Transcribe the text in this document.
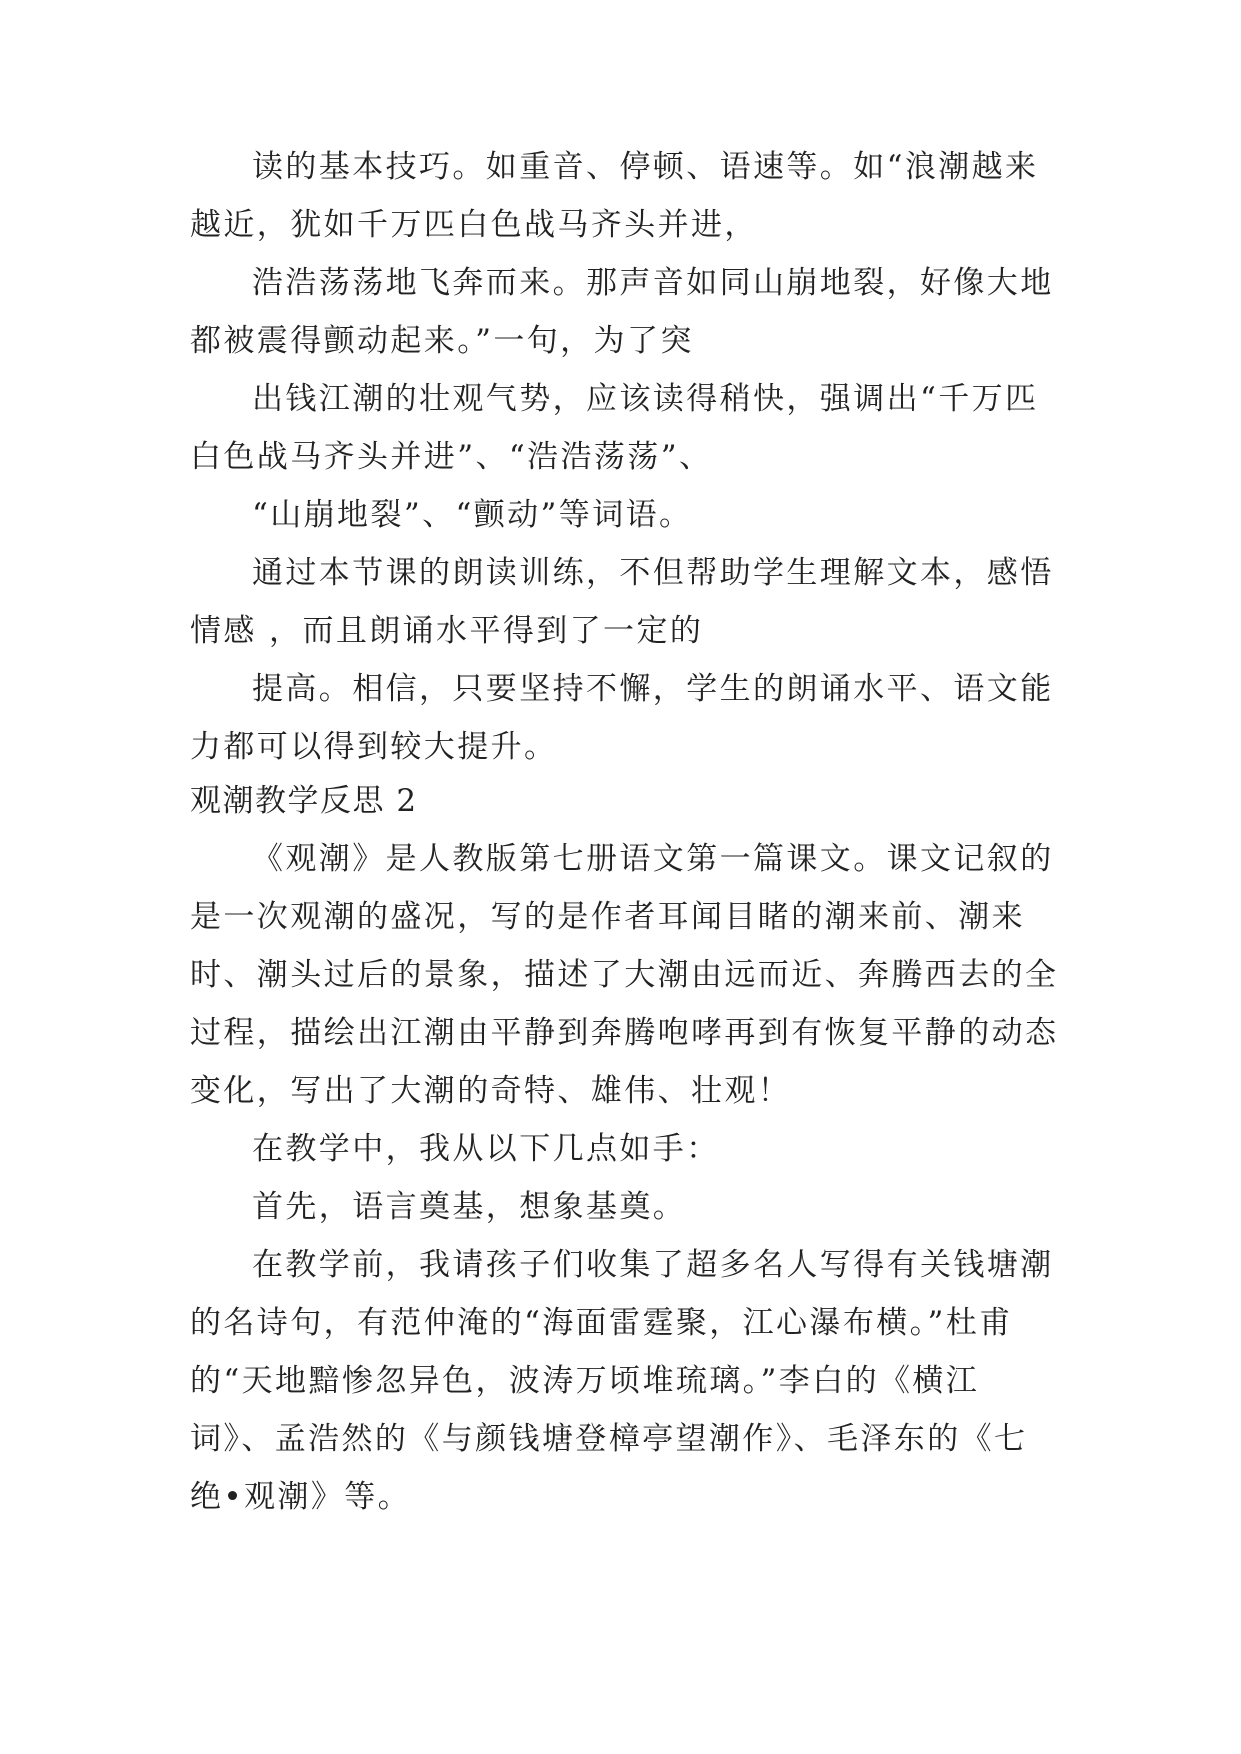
读的基本技巧。如重音、停顿、语速等。如“浪潮越来越近，犹如千万匹白色战马齐头并进，

浩浩荡荡地飞奔而来。那声音如同山崩地裂，好像大地都被震得颤动起来。”一句，为了突

出钱江潮的壮观气势，应该读得稍快，强调出“千万匹白色战马齐头并进”、“浩浩荡荡”、

“山崩地裂”、“颤动”等词语。

通过本节课的朗读训练，不但帮助学生理解文本，感悟情感 ，而且朗诵水平得到了一定的

提高。相信，只要坚持不懈，学生的朗诵水平、语文能力都可以得到较大提升。

观潮教学反思 2

《观潮》是人教版第七册语文第一篇课文。课文记叙的是一次观潮的盛况，写的是作者耳闻目睹的潮来前、潮来时、潮头过后的景象，描述了大潮由远而近、奔腾西去的全过程，描绘出江潮由平静到奔腾咆哮再到有恢复平静的动态变化，写出了大潮的奇特、雄伟、壮观！

在教学中，我从以下几点如手：

首先，语言奠基，想象基奠。

在教学前，我请孩子们收集了超多名人写得有关钱塘潮的名诗句，有范仲淹的“海面雷霆聚，江心瀑布横。”杜甫的“天地黯惨忽异色，波涛万顷堆琉璃。”李白的《横江词》、孟浩然的《与颜钱塘登樟亭望潮作》、毛泽东的《七绝•观潮》等。
